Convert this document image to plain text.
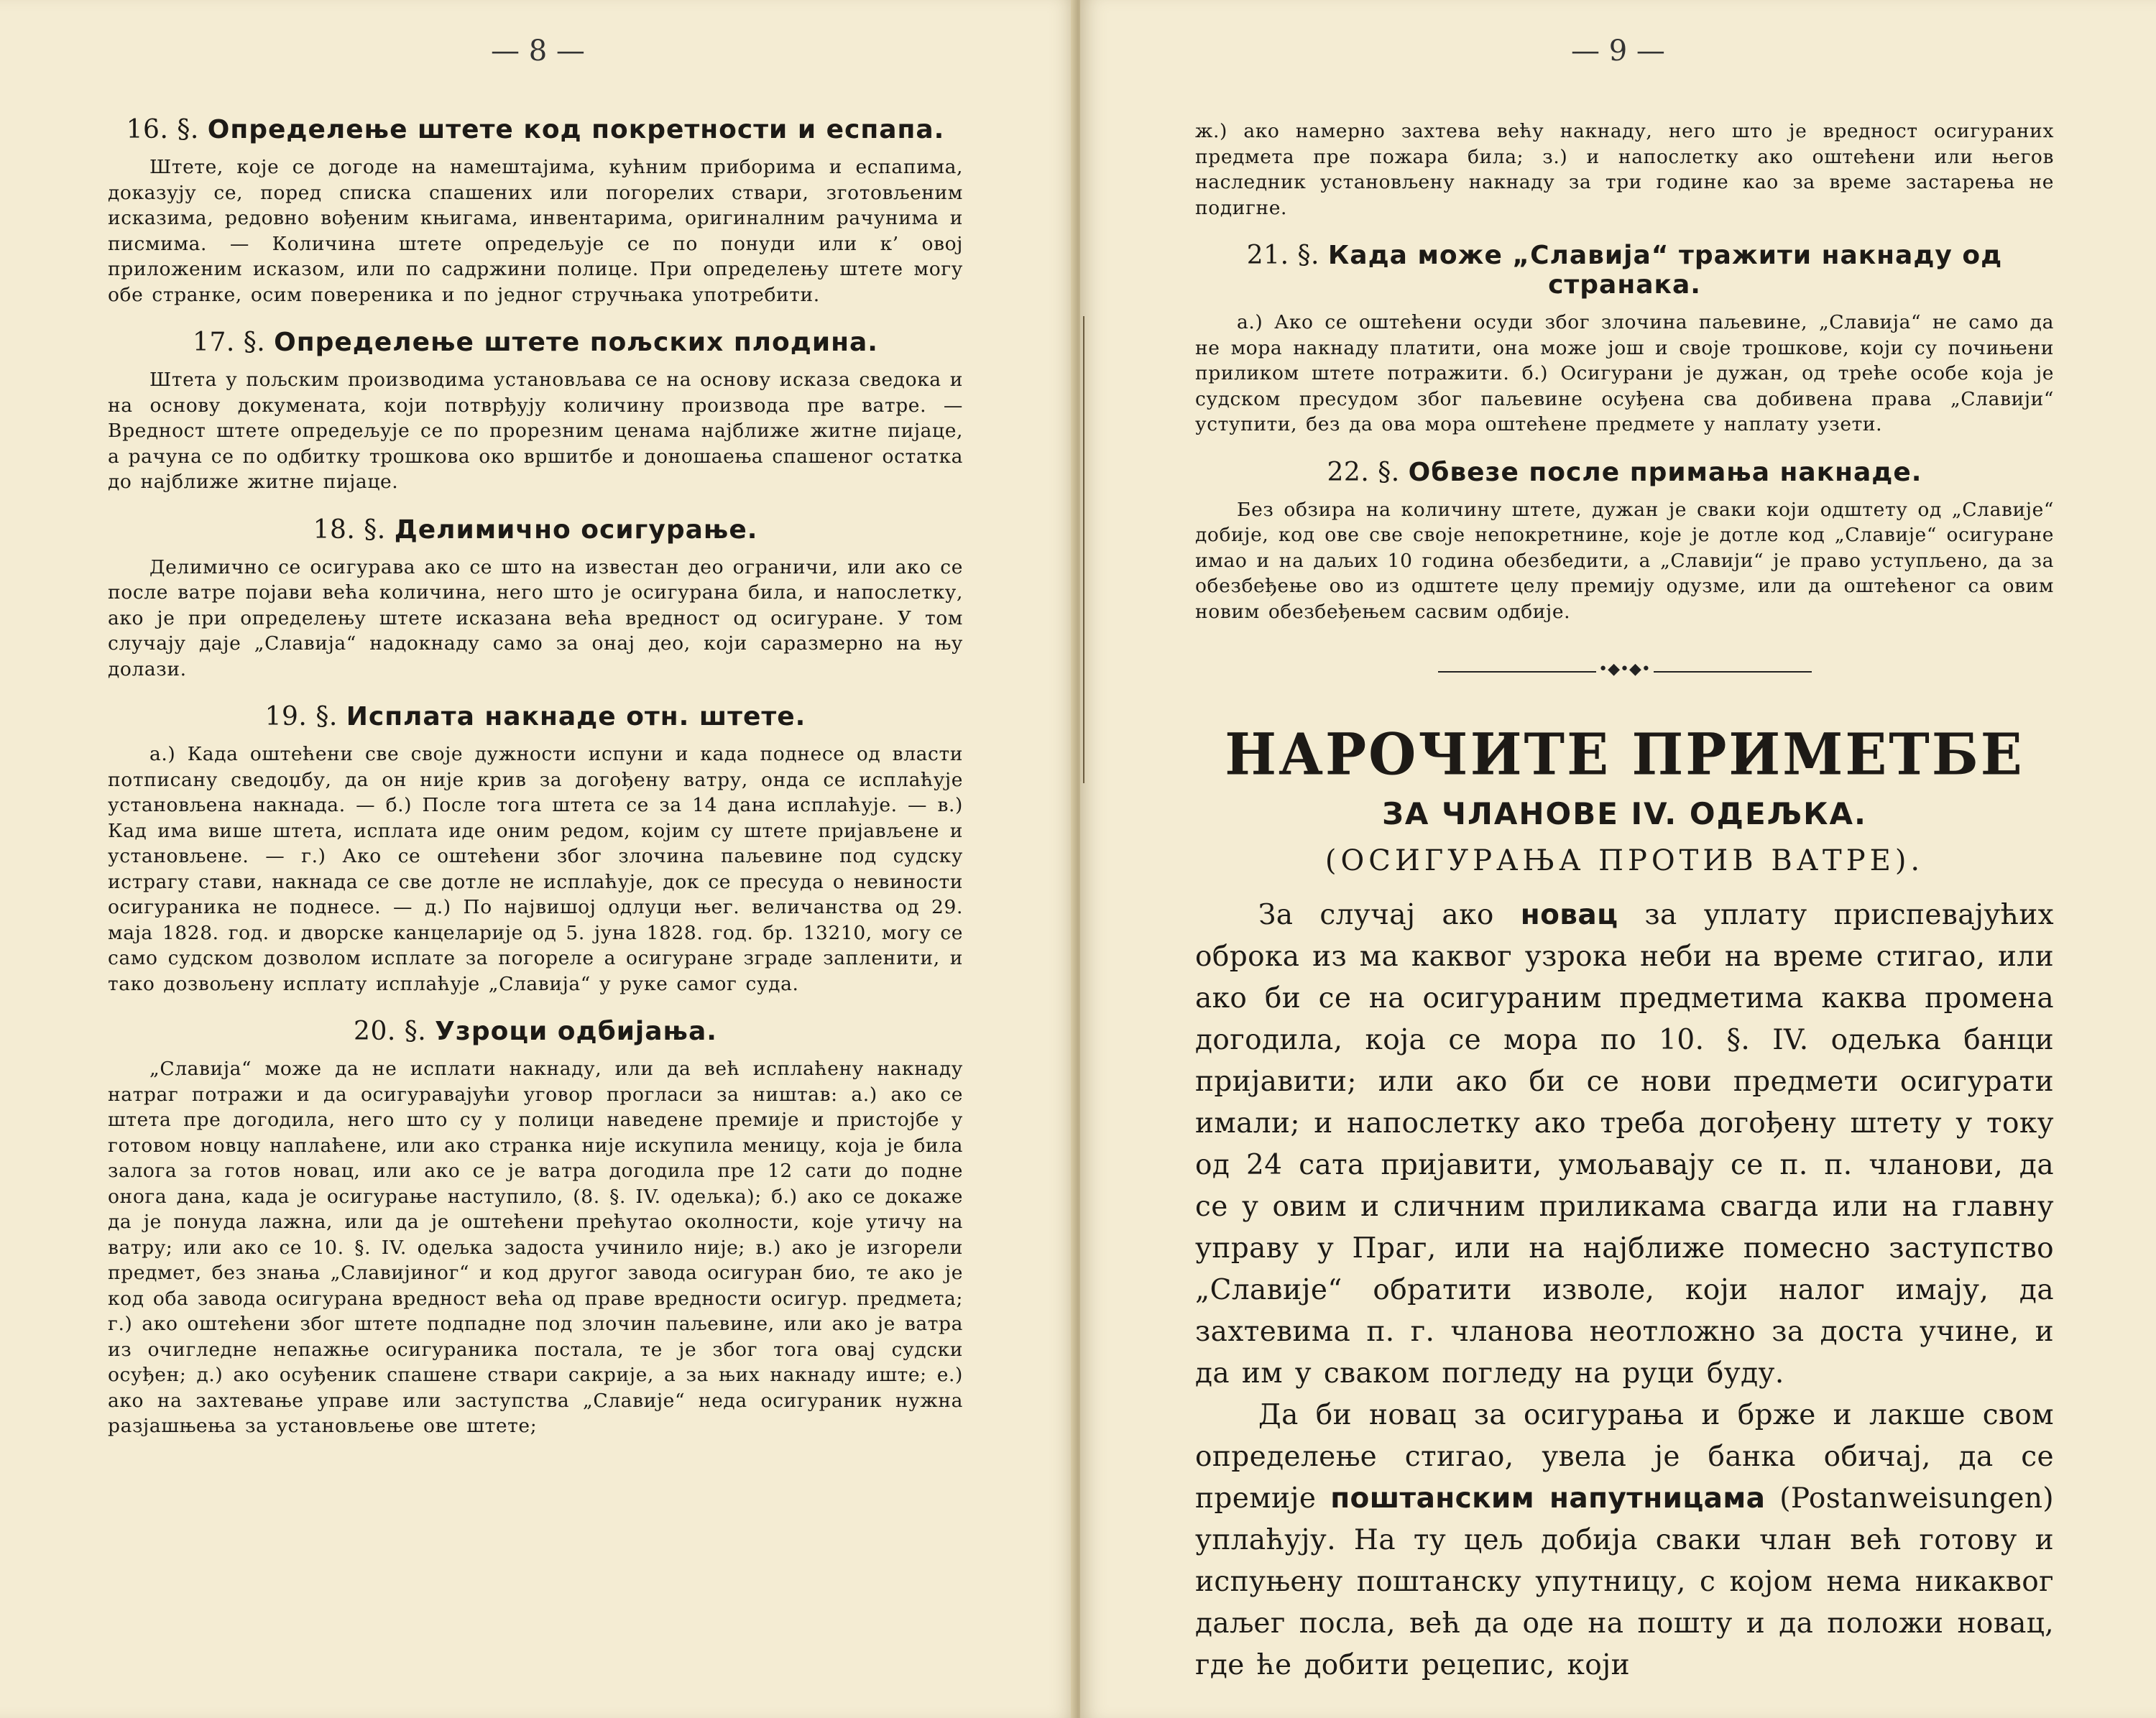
— 8 —
16. §. Определење штете код покретности и еспапа.

Штете, које се догоде на намештајима, кућним приборима и еспапима, доказују се, поред списка спашених или погорелих ствари, зготовљеним исказима, редовно вођеним књигама, инвентарима, оригиналним рачунима и писмима. — Количина штете опредељује се по понуди или к’ овој приложеним исказом, или по садржини полице. При определењу штете могу обе странке, осим повереника и по једног стручњака употребити.

17. §. Определење штете пољских плодина.

Штета у пољским производима установљава се на основу исказа сведока и на основу докумената, који потврђују количину производа пре ватре. — Вредност штете опредељује се по прорезним ценама најближе житне пијаце, а рачуна се по одбитку трошкова око вршитбе и доношаења спашеног остатка до најближе житне пијаце.

18. §. Делимично осигурање.

Делимично се осигурава ако се што на известан део ограничи, или ако се после ватре појави већа количина, него што је осигурана била, и напослетку, ако је при определењу штете исказана већа вредност од осигуране. У том случају даје „Славија“ надокнаду само за онај део, који саразмерно на њу долази.

19. §. Исплата накнаде отн. штете.

а.) Када оштећени све своје дужности испуни и када поднесе од власти потписану сведоџбу, да он није крив за догођену ватру, онда се исплаћује установљена накнада. — б.) После тога штета се за 14 дана исплаћује. — в.) Кад има више штета, исплата иде оним редом, којим су штете пријављене и установљене. — г.) Ако се оштећени због злочина паљевине под судску истрагу стави, накнада се све дотле не исплаћује, док се пресуда о невиности осигураника не поднесе. — д.) По највишој одлуци њег. величанства од 29. маја 1828. год. и дворске канцеларије од 5. јуна 1828. год. бр. 13210, могу се само судском дозволом исплате за погореле а осигуране зграде запленити, и тако дозвољену исплату исплаћује „Славија“ у руке самог суда.

20. §. Узроци одбијања.

„Славија“ може да не исплати накнаду, или да већ исплаћену накнаду натраг потражи и да осигуравајући уговор прогласи за ништав: а.) ако се штета пре догодила, него што су у полици наведене премије и пристојбе у готовом новцу наплаћене, или ако странка није искупила меницу, која је била залога за готов новац, или ако се је ватра догодила пре 12 сати до подне онога дана, када је осигурање наступило, (8. §. IV. одељка); б.) ако се докаже да је понуда лажна, или да је оштећени прећутао околности, које утичу на ватру; или ако се 10. §. IV. одељка задоста учинило није; в.) ако је изгорели предмет, без знања „Славијиног“ и код другог завода осигуран био, те ако је код оба завода осигурана вредност већа од праве вредности осигур. предмета; г.) ако оштећени због штете подпадне под злочин паљевине, или ако је ватра из очигледне непажње осигураника постала, те је због тога овај судски осуђен; д.) ако осуђеник спашене ствари сакрије, а за њих накнаду иште; е.) ако на захтевање управе или заступства „Славије“ неда осигураник нужна разјашњења за установљење ове штете;

— 9 —

ж.) ако намерно захтева већу накнаду, него што је вредност осигураних предмета пре пожара била; з.) и напослетку ако оштећени или његов наследник установљену накнаду за три године као за време застарења не подигне.

21. §. Када може „Славија“ тражити накнаду од странака.

а.) Ако се оштећени осуди због злочина паљевине, „Славија“ не само да не мора накнаду платити, она може још и своје трошкове, који су почињени приликом штете потражити. б.) Осигурани је дужан, од треће особе која је судском пресудом због паљевине осуђена сва добивена права „Славији“ уступити, без да ова мора оштећене предмете у наплату узети.

22. §. Обвезе после примања накнаде.

Без обзира на количину штете, дужан је сваки који одштету од „Славије“ добије, код ове све своје непокретнине, које је дотле код „Славије“ осигуране имао и на даљих 10 година обезбедити, а „Славији“ је право уступљено, да за обезбеђење ово из одштете целу премију одузме, или да оштећеног са овим новим обезбеђењем сасвим одбије.

•◆•◆•
НАРОЧИТЕ ПРИМЕТБЕ
ЗА ЧЛАНОВЕ IV. ОДЕЉКА.
(ОСИГУРАЊА ПРОТИВ ВАТРЕ).

За случај ако новац за уплату приспевајућих оброка из ма каквог узрока неби на време стигао, или ако би се на осигураним предметима каква промена догодила, која се мора по 10. §. IV. одељка банци пријавити; или ако би се нови предмети осигурати имали; и напослетку ако треба догођену штету у току од 24 сата пријавити, умољавају се п. п. чланови, да се у овим и сличним приликама свагда или на главну управу у Праг, или на најближе помесно заступство „Славије“ обратити изволе, који налог имају, да захтевима п. г. чланова неотложно за доста учине, и да им у сваком погледу на руци буду.

Да би новац за осигурања и брже и лакше свом определење стигао, увела је банка обичај, да се премије поштанским напутницама (Postanweisungen) уплаћују. На ту цељ добија сваки члан већ готову и испуњену поштанску упутницу, с којом нема никаквог даљег посла, већ да оде на пошту и да положи новац, где ће добити рецепис, који
